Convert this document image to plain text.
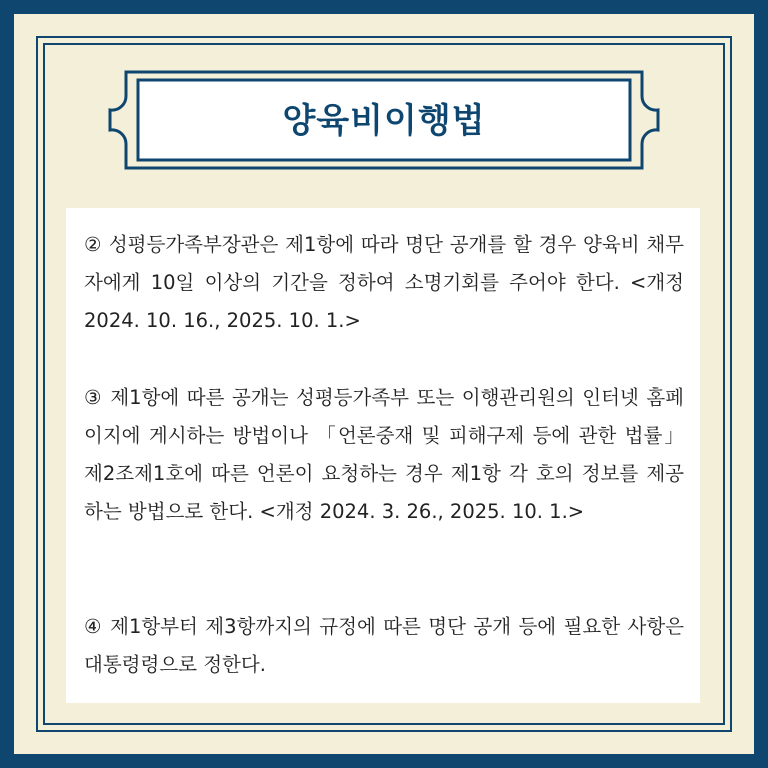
양육비이행법
② 성평등가족부장관은 제1항에 따라 명단 공개를 할 경우 양육비 채무자에게 10일 이상의 기간을 정하여 소명기회를 주어야 한다. <개정 2024. 10. 16., 2025. 10. 1.>
③ 제1항에 따른 공개는 성평등가족부 또는 이행관리원의 인터넷 홈페이지에 게시하는 방법이나 「언론중재 및 피해구제 등에 관한 법률」 제2조제1호에 따른 언론이 요청하는 경우 제1항 각 호의 정보를 제공하는 방법으로 한다. <개정 2024. 3. 26., 2025. 10. 1.>
④ 제1항부터 제3항까지의 규정에 따른 명단 공개 등에 필요한 사항은 대통령령으로 정한다.
